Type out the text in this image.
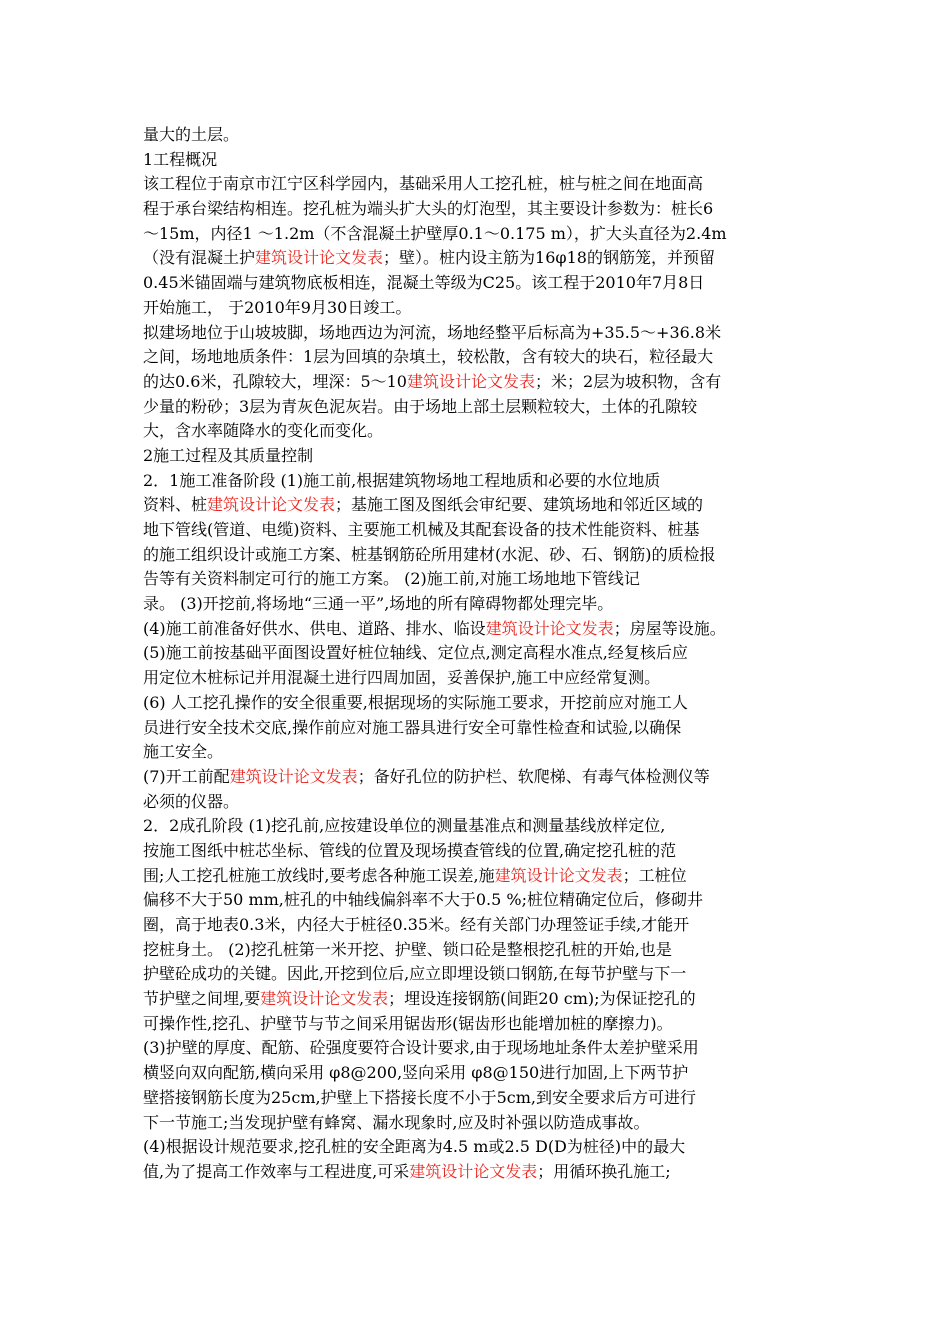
量大的土层。
1工程概况
该工程位于南京市江宁区科学园内，基础采用人工挖孔桩，桩与桩之间在地面高
程于承台梁结构相连。挖孔桩为端头扩大头的灯泡型，其主要设计参数为：桩长6
～15m，内径1 ～1.2m（不含混凝土护壁厚0.1～0.175 m），扩大头直径为2.4m
（没有混凝土护建筑设计论文发表；壁）。桩内设主筋为16φ18的钢筋笼，并预留
0.45米锚固端与建筑物底板相连，混凝土等级为C25。该工程于2010年7月8日
开始施工， 于2010年9月30日竣工。
拟建场地位于山坡坡脚，场地西边为河流，场地经整平后标高为+35.5～+36.8米
之间，场地地质条件：1层为回填的杂填土，较松散，含有较大的块石，粒径最大
的达0.6米，孔隙较大，埋深：5～10建筑设计论文发表；米；2层为坡积物，含有
少量的粉砂；3层为青灰色泥灰岩。由于场地上部土层颗粒较大，土体的孔隙较
大，含水率随降水的变化而变化。
2施工过程及其质量控制
2．1施工准备阶段 (1)施工前,根据建筑物场地工程地质和必要的水位地质
资料、桩建筑设计论文发表；基施工图及图纸会审纪要、建筑场地和邻近区域的
地下管线(管道、电缆)资料、主要施工机械及其配套设备的技术性能资料、桩基
的施工组织设计或施工方案、桩基钢筋砼所用建材(水泥、砂、石、钢筋)的质检报
告等有关资料制定可行的施工方案。 (2)施工前,对施工场地地下管线记
录。 (3)开挖前,将场地“三通一平”,场地的所有障碍物都处理完毕。
(4)施工前准备好供水、供电、道路、排水、临设建筑设计论文发表；房屋等设施。
(5)施工前按基础平面图设置好桩位轴线、定位点,测定高程水准点,经复核后应
用定位木桩标记并用混凝土进行四周加固，妥善保护,施工中应经常复测。
(6) 人工挖孔操作的安全很重要,根据现场的实际施工要求，开挖前应对施工人
员进行安全技术交底,操作前应对施工器具进行安全可靠性检查和试验,以确保
施工安全。
(7)开工前配建筑设计论文发表；备好孔位的防护栏、软爬梯、有毒气体检测仪等
必须的仪器。
2．2成孔阶段 (1)挖孔前,应按建设单位的测量基准点和测量基线放样定位,
按施工图纸中桩芯坐标、管线的位置及现场摸查管线的位置,确定挖孔桩的范
围;人工挖孔桩施工放线时,要考虑各种施工误差,施建筑设计论文发表；工桩位
偏移不大于50 mm,桩孔的中轴线偏斜率不大于0.5 %;桩位精确定位后，修砌井
圈，高于地表0.3米，内径大于桩径0.35米。经有关部门办理签证手续,才能开
挖桩身土。 (2)挖孔桩第一米开挖、护壁、锁口砼是整根挖孔桩的开始,也是
护壁砼成功的关键。因此,开挖到位后,应立即埋设锁口钢筋,在每节护壁与下一
节护壁之间埋,要建筑设计论文发表；埋设连接钢筋(间距20 cm);为保证挖孔的
可操作性,挖孔、护壁节与节之间采用锯齿形(锯齿形也能增加桩的摩擦力)。
(3)护壁的厚度、配筋、砼强度要符合设计要求,由于现场地址条件太差护壁采用
横竖向双向配筋,横向采用 φ8@200,竖向采用 φ8@150进行加固,上下两节护
壁搭接钢筋长度为25cm,护壁上下搭接长度不小于5cm,到安全要求后方可进行
下一节施工;当发现护壁有蜂窝、漏水现象时,应及时补强以防造成事故。
(4)根据设计规范要求,挖孔桩的安全距离为4.5 m或2.5 D(D为桩径)中的最大
值,为了提高工作效率与工程进度,可采建筑设计论文发表；用循环换孔施工;
